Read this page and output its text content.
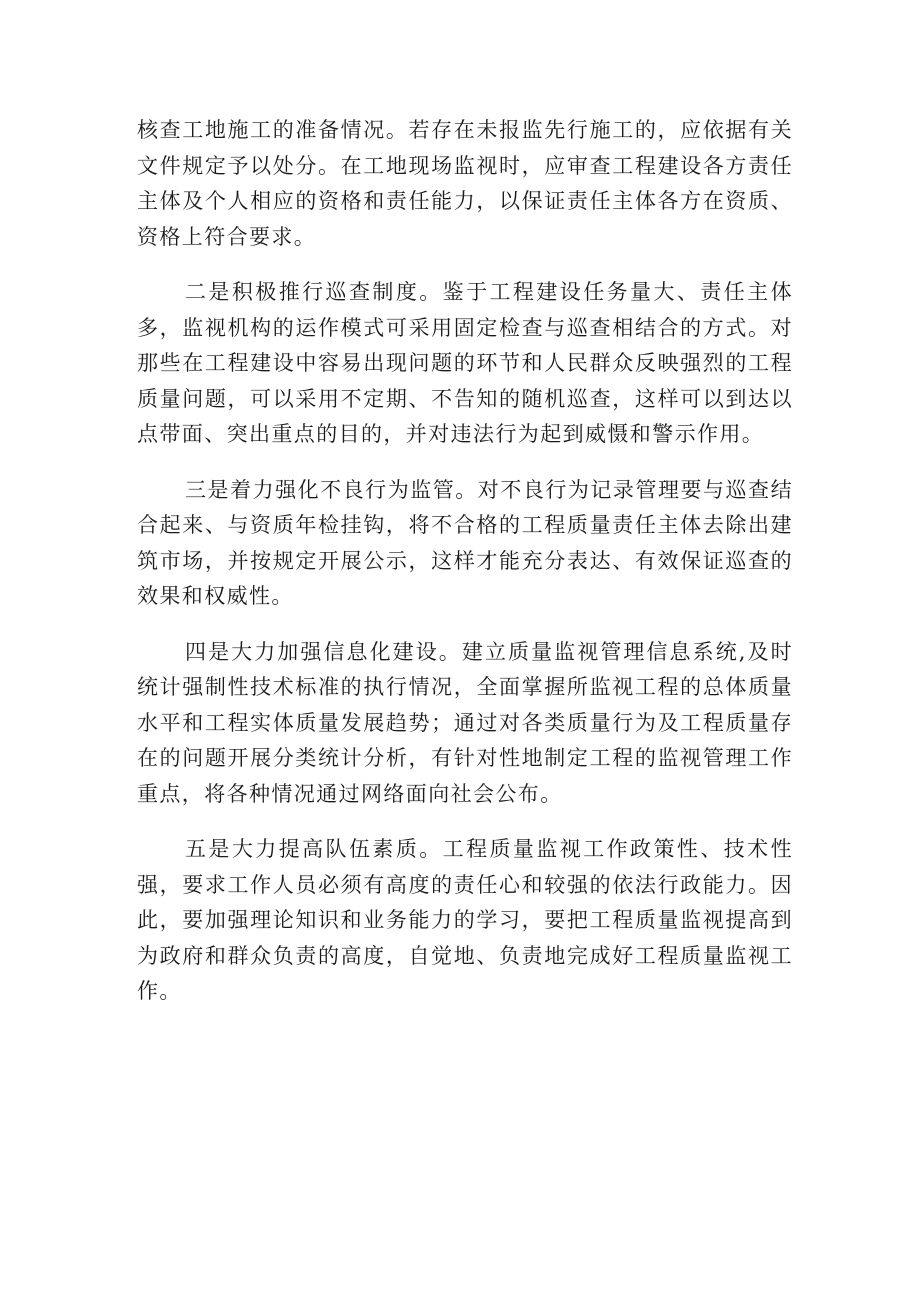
核查工地施工的准备情况。若存在未报监先行施工的，应依据有关文件规定予以处分。在工地现场监视时，应审查工程建设各方责任主体及个人相应的资格和责任能力，以保证责任主体各方在资质、资格上符合要求。

二是积极推行巡查制度。鉴于工程建设任务量大、责任主体多，监视机构的运作模式可采用固定检查与巡查相结合的方式。对那些在工程建设中容易出现问题的环节和人民群众反映强烈的工程质量问题，可以采用不定期、不告知的随机巡查，这样可以到达以点带面、突出重点的目的，并对违法行为起到威慑和警示作用。

三是着力强化不良行为监管。对不良行为记录管理要与巡查结合起来、与资质年检挂钩，将不合格的工程质量责任主体去除出建筑市场，并按规定开展公示，这样才能充分表达、有效保证巡查的效果和权威性。

四是大力加强信息化建设。建立质量监视管理信息系统,及时统计强制性技术标准的执行情况，全面掌握所监视工程的总体质量水平和工程实体质量发展趋势；通过对各类质量行为及工程质量存在的问题开展分类统计分析，有针对性地制定工程的监视管理工作重点，将各种情况通过网络面向社会公布。

五是大力提高队伍素质。工程质量监视工作政策性、技术性强，要求工作人员必须有高度的责任心和较强的依法行政能力。因此，要加强理论知识和业务能力的学习，要把工程质量监视提高到为政府和群众负责的高度，自觉地、负责地完成好工程质量监视工作。
